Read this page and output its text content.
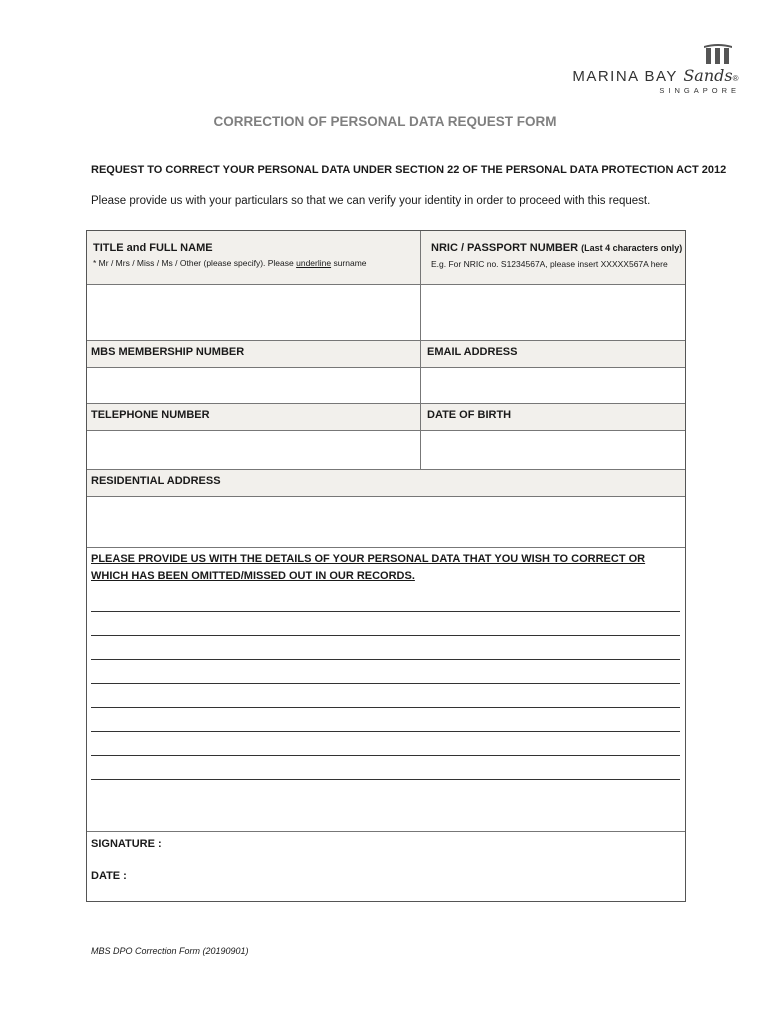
MARINA BAY Sands®
SINGAPORE
CORRECTION OF PERSONAL DATA REQUEST FORM
REQUEST TO CORRECT YOUR PERSONAL DATA UNDER SECTION 22 OF THE PERSONAL DATA PROTECTION ACT 2012
Please provide us with your particulars so that we can verify your identity in order to proceed with this request.
TITLE and FULL NAME
* Mr / Mrs / Miss / Ms / Other (please specify). Please underline surname
NRIC / PASSPORT NUMBER (Last 4 characters only)
E.g. For NRIC no. S1234567A, please insert XXXXX567A here
MBS MEMBERSHIP NUMBER	EMAIL ADDRESS
TELEPHONE NUMBER	DATE OF BIRTH
RESIDENTIAL ADDRESS
PLEASE PROVIDE US WITH THE DETAILS OF YOUR PERSONAL DATA THAT YOU WISH TO CORRECT OR WHICH HAS BEEN OMITTED/MISSED OUT IN OUR RECORDS.
SIGNATURE :
DATE :
MBS DPO Correction Form (20190901)
